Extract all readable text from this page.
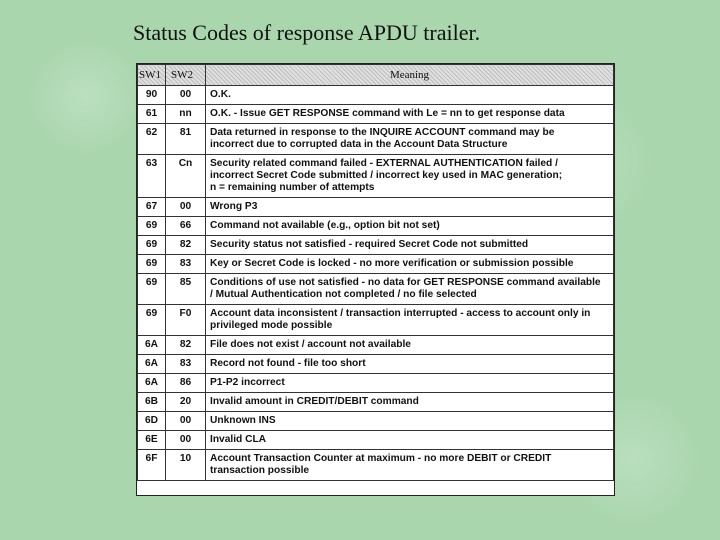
Status Codes of response APDU trailer.
SW1	SW2	Meaning
90	00	O.K.

61	nn	O.K. - Issue GET RESPONSE command with Le = nn to get response data

62	81	Data returned in response to the INQUIRE ACCOUNT command may be
incorrect due to corrupted data in the Account Data Structure

63	Cn	Security related command failed - EXTERNAL AUTHENTICATION failed /
incorrect Secret Code submitted / incorrect key used in MAC generation;
n = remaining number of attempts

67	00	Wrong P3

69	66	Command not available (e.g., option bit not set)

69	82	Security status not satisfied - required Secret Code not submitted

69	83	Key or Secret Code is locked - no more verification or submission possible

69	85	Conditions of use not satisfied - no data for GET RESPONSE command available
/ Mutual Authentication not completed / no file selected

69	F0	Account data inconsistent / transaction interrupted - access to account only in
privileged mode possible

6A	82	File does not exist / account not available

6A	83	Record not found - file too short

6A	86	P1-P2 incorrect

6B	20	Invalid amount in CREDIT/DEBIT command

6D	00	Unknown INS

6E	00	Invalid CLA

6F	10	Account Transaction Counter at maximum - no more DEBIT or CREDIT
transaction possible
